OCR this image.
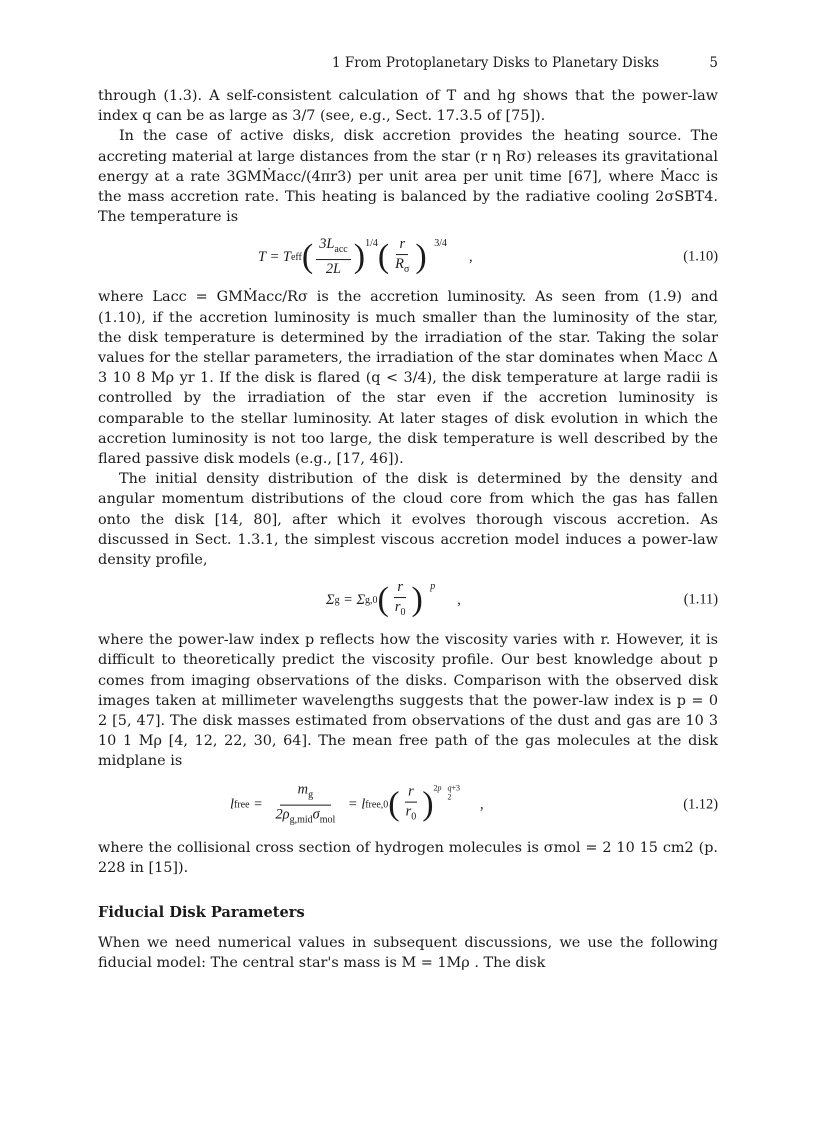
1 From Protoplanetary Disks to Planetary Disks	5

through (1.3). A self-consistent calculation of T and hg shows that the power-law index q can be as large as 3/7 (see, e.g., Sect. 17.3.5 of [75]).

In the case of active disks, disk accretion provides the heating source. The accreting material at large distances from the star (r η Rσ) releases its gravitational energy at a rate 3GMṀacc/(4πr3) per unit area per unit time [67], where Ṁacc is the mass accretion rate. This heating is balanced by the radiative cooling 2σSBT4. The temperature is

T = T eff ( $\frac{3L_{acc}}{2L}$ ) 1/4 ( $\frac{r}{R_\sigma}$ ) 3/4
,	(1.10)

where Lacc = GMṀacc/Rσ is the accretion luminosity. As seen from (1.9) and (1.10), if the accretion luminosity is much smaller than the luminosity of the star, the disk temperature is determined by the irradiation of the star. Taking the solar values for the stellar parameters, the irradiation of the star dominates when Ṁacc Δ 3 10 8 Mρ yr 1. If the disk is flared (q < 3/4), the disk temperature at large radii is controlled by the irradiation of the star even if the accretion luminosity is comparable to the stellar luminosity. At later stages of disk evolution in which the accretion luminosity is not too large, the disk temperature is well described by the flared passive disk models (e.g., [17, 46]).

The initial density distribution of the disk is determined by the density and angular momentum distributions of the cloud core from which the gas has fallen onto the disk [14, 80], after which it evolves thorough viscous accretion. As discussed in Sect. 1.3.1, the simplest viscous accretion model induces a power-law density profile,

Σ g = Σ g,0 ( $\frac{r}{r_0}$ ) p
,	(1.11)

where the power-law index p reflects how the viscosity varies with r. However, it is difficult to theoretically predict the viscosity profile. Our best knowledge about p comes from imaging observations of the disks. Comparison with the observed disk images taken at millimeter wavelengths suggests that the power-law index is p = 0 2 [5, 47]. The disk masses estimated from observations of the dust and gas are 10 3 10 1 Mρ [4, 12, 22, 30, 64]. The mean free path of the gas molecules at the disk midplane is

l free = $\frac{m_g}{2\rho_{g,mid}\sigma_{mol}} = l$ free,0 ( $\frac{r}{r_0}$ ) 2p q+3
2	,	(1.12)

where the collisional cross section of hydrogen molecules is σmol = 2 10 15 cm2 (p. 228 in [15]).

Fiducial Disk Parameters

When we need numerical values in subsequent discussions, we use the following fiducial model: The central star's mass is M = 1Mρ . The disk
